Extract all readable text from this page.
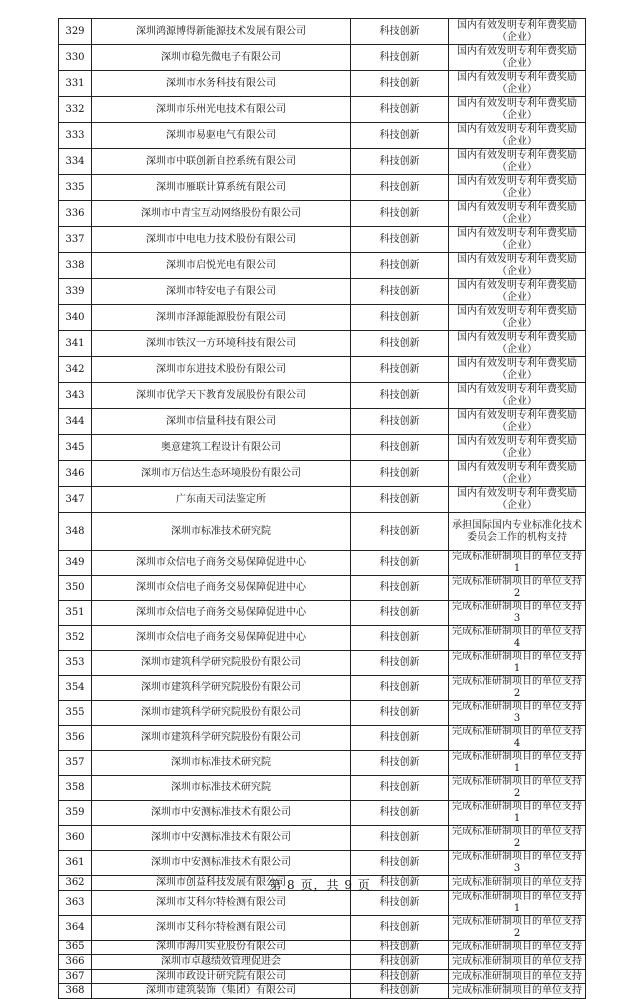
329	深圳鸿源博得新能源技术发展有限公司	科技创新	国内有效发明专利年费奖励（企业）
330	深圳市稳先微电子有限公司	科技创新	国内有效发明专利年费奖励（企业）
331	深圳市水务科技有限公司	科技创新	国内有效发明专利年费奖励（企业）
332	深圳市乐州光电技术有限公司	科技创新	国内有效发明专利年费奖励（企业）
333	深圳市易驱电气有限公司	科技创新	国内有效发明专利年费奖励（企业）
334	深圳市中联创新自控系统有限公司	科技创新	国内有效发明专利年费奖励（企业）
335	深圳市雁联计算系统有限公司	科技创新	国内有效发明专利年费奖励（企业）
336	深圳市中青宝互动网络股份有限公司	科技创新	国内有效发明专利年费奖励（企业）
337	深圳市中电电力技术股份有限公司	科技创新	国内有效发明专利年费奖励（企业）
338	深圳市启悦光电有限公司	科技创新	国内有效发明专利年费奖励（企业）
339	深圳市特安电子有限公司	科技创新	国内有效发明专利年费奖励（企业）
340	深圳市泽源能源股份有限公司	科技创新	国内有效发明专利年费奖励（企业）
341	深圳市铁汉一方环境科技有限公司	科技创新	国内有效发明专利年费奖励（企业）
342	深圳市东进技术股份有限公司	科技创新	国内有效发明专利年费奖励（企业）
343	深圳市优学天下教育发展股份有限公司	科技创新	国内有效发明专利年费奖励（企业）
344	深圳市信量科技有限公司	科技创新	国内有效发明专利年费奖励（企业）
345	奥意建筑工程设计有限公司	科技创新	国内有效发明专利年费奖励（企业）
346	深圳市万信达生态环境股份有限公司	科技创新	国内有效发明专利年费奖励（企业）
347	广东南天司法鉴定所	科技创新	国内有效发明专利年费奖励（企业）
348	深圳市标准技术研究院	科技创新	承担国际国内专业标准化技术委员会工作的机构支持
349	深圳市众信电子商务交易保障促进中心	科技创新	完成标准研制项目的单位支持1
350	深圳市众信电子商务交易保障促进中心	科技创新	完成标准研制项目的单位支持2
351	深圳市众信电子商务交易保障促进中心	科技创新	完成标准研制项目的单位支持3
352	深圳市众信电子商务交易保障促进中心	科技创新	完成标准研制项目的单位支持4
353	深圳市建筑科学研究院股份有限公司	科技创新	完成标准研制项目的单位支持1
354	深圳市建筑科学研究院股份有限公司	科技创新	完成标准研制项目的单位支持2
355	深圳市建筑科学研究院股份有限公司	科技创新	完成标准研制项目的单位支持3
356	深圳市建筑科学研究院股份有限公司	科技创新	完成标准研制项目的单位支持4
357	深圳市标准技术研究院	科技创新	完成标准研制项目的单位支持1
358	深圳市标准技术研究院	科技创新	完成标准研制项目的单位支持2
359	深圳市中安测标准技术有限公司	科技创新	完成标准研制项目的单位支持1
360	深圳市中安测标准技术有限公司	科技创新	完成标准研制项目的单位支持2
361	深圳市中安测标准技术有限公司	科技创新	完成标准研制项目的单位支持3
362	深圳市创益科技发展有限公司	科技创新	完成标准研制项目的单位支持
363	深圳市艾科尔特检测有限公司	科技创新	完成标准研制项目的单位支持1
364	深圳市艾科尔特检测有限公司	科技创新	完成标准研制项目的单位支持2
365	深圳市海川实业股份有限公司	科技创新	完成标准研制项目的单位支持
366	深圳市卓越绩效管理促进会	科技创新	完成标准研制项目的单位支持
367	深圳市政设计研究院有限公司	科技创新	完成标准研制项目的单位支持
368	深圳市建筑装饰（集团）有限公司	科技创新	完成标准研制项目的单位支持
第 8 页，共 9 页
